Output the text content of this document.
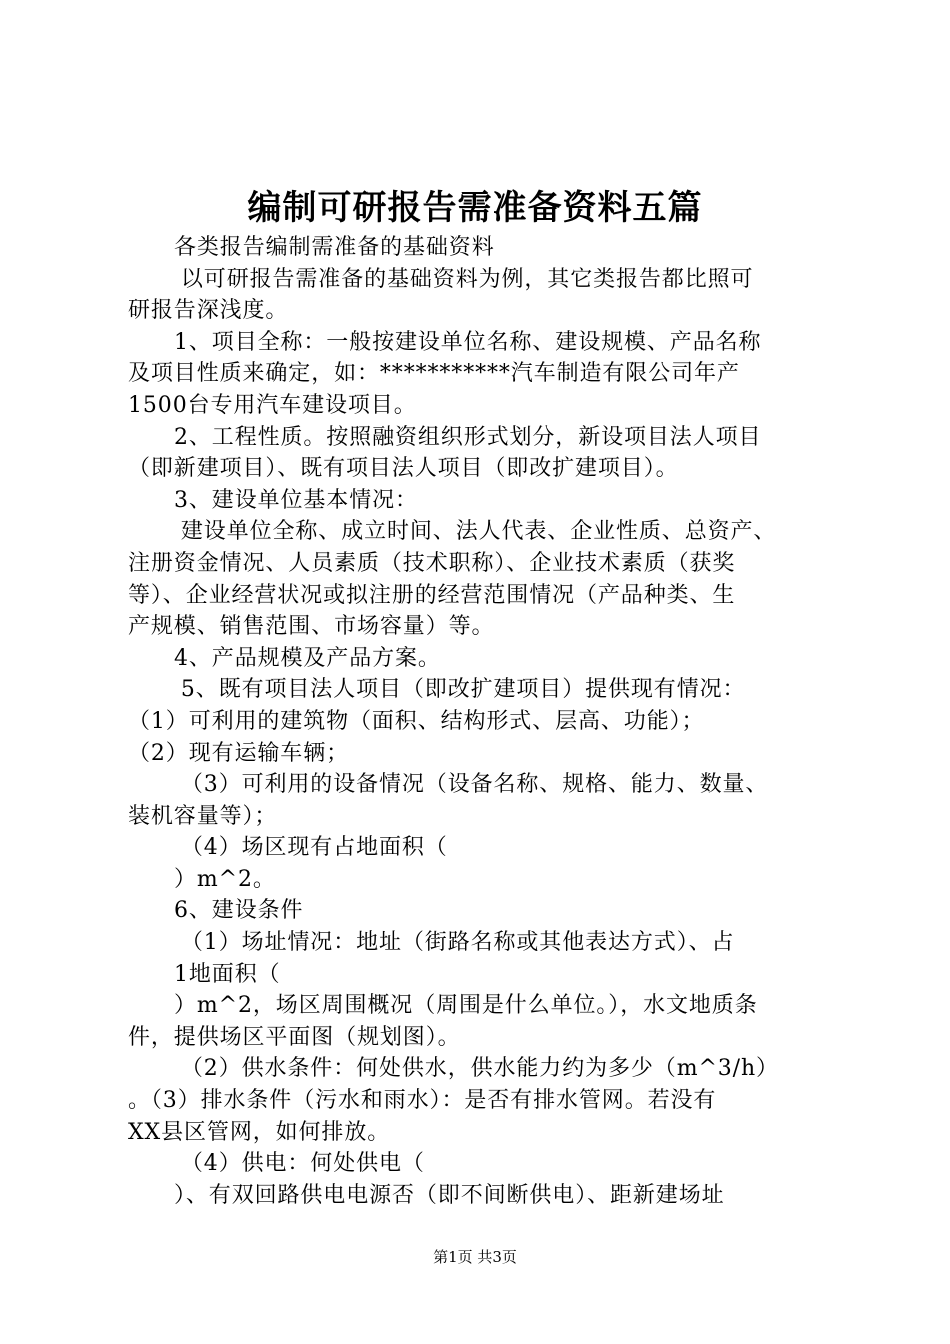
编制可研报告需准备资料五篇

各类报告编制需准备的基础资料

以可研报告需准备的基础资料为例，其它类报告都比照可

研报告深浅度。

1、项目全称：一般按建设单位名称、建设规模、产品名称

及项目性质来确定，如：***********汽车制造有限公司年产

1500台专用汽车建设项目。

2、工程性质。按照融资组织形式划分，新设项目法人项目

（即新建项目）、既有项目法人项目（即改扩建项目）。

3、建设单位基本情况：

建设单位全称、成立时间、法人代表、企业性质、总资产、

注册资金情况、人员素质（技术职称）、企业技术素质（获奖

等）、企业经营状况或拟注册的经营范围情况（产品种类、生

产规模、销售范围、市场容量）等。

4、产品规模及产品方案。

5、既有项目法人项目（即改扩建项目）提供现有情况：

（1）可利用的建筑物（面积、结构形式、层高、功能）；

（2）现有运输车辆；

（3）可利用的设备情况（设备名称、规格、能力、数量、

装机容量等）；

（4）场区现有占地面积（

）m^2。

6、建设条件

（1）场址情况：地址（街路名称或其他表达方式）、占

1地面积（

）m^2，场区周围概况（周围是什么单位。），水文地质条

件，提供场区平面图（规划图）。

（2）供水条件：何处供水，供水能力约为多少（m^3/h）

。（3）排水条件（污水和雨水）：是否有排水管网。若没有

XX县区管网，如何排放。

（4）供电：何处供电（

）、有双回路供电电源否（即不间断供电）、距新建场址

第1页 共3页
